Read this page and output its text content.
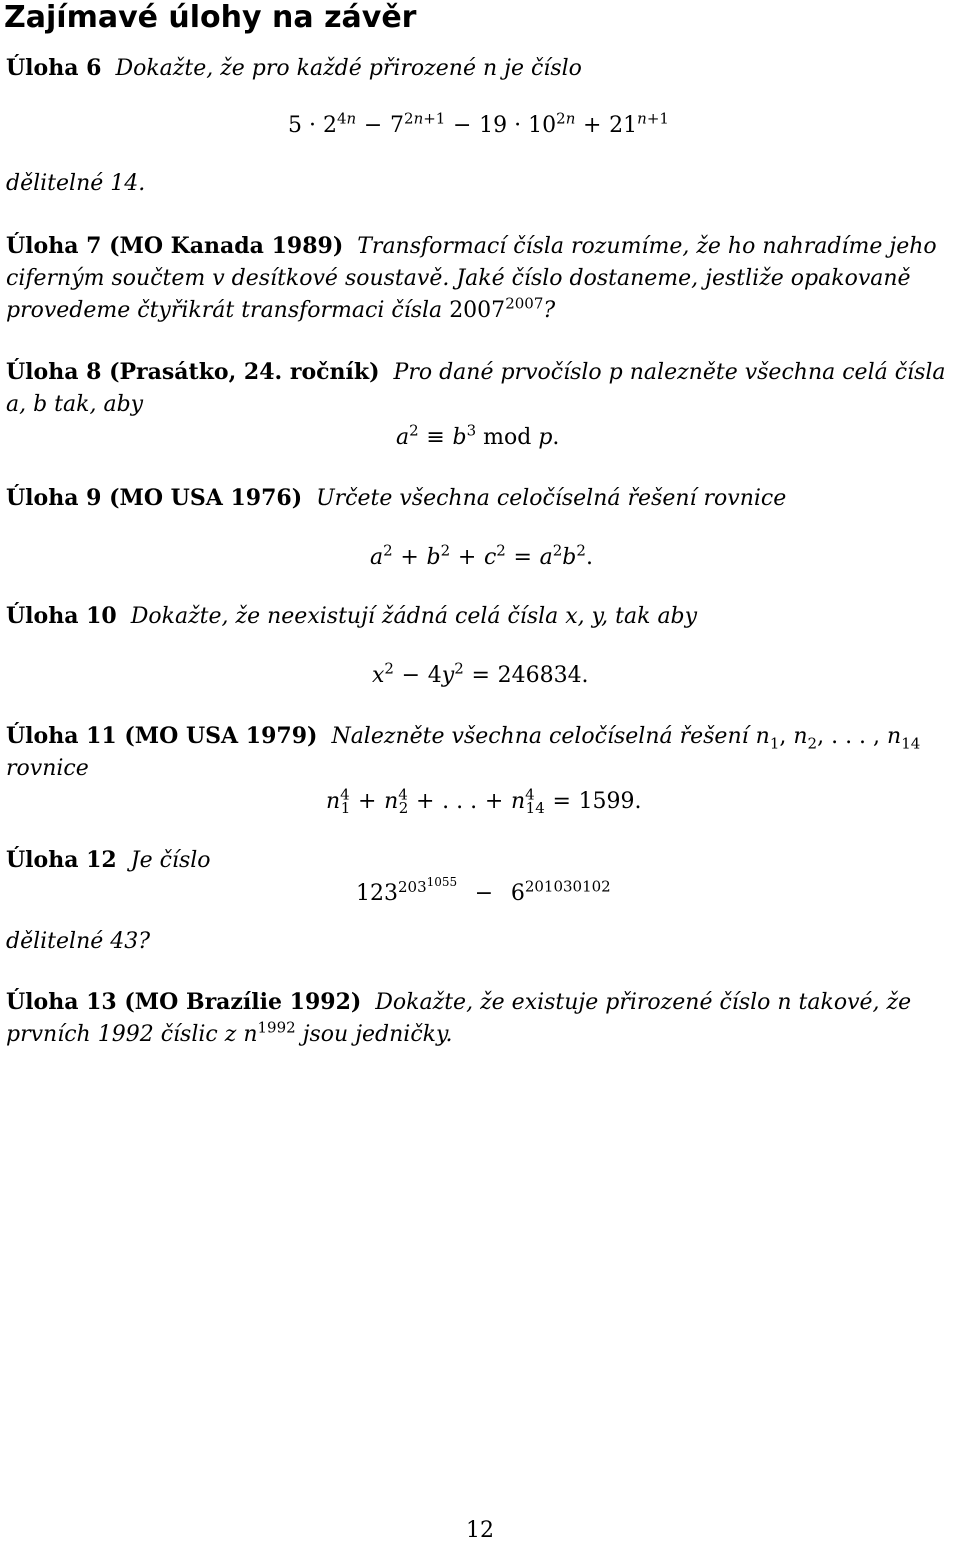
Zajímavé úlohy na závěr

Úloha 6 Dokažte, že pro každé přirozené n je číslo

$5 \cdot 2^{4n} - 7^{2n+1} - 19 \cdot 10^{2n} + 21^{n+1}$

dělitelné 14.

Úloha 7 (MO Kanada 1989) Transformací čísla rozumíme, že ho nahradíme jeho ciferným součtem v desítkové soustavě. Jaké číslo dostaneme, jestliže opakovaně provedeme čtyřikrát transformaci čísla $2007^{2007}$?

Úloha 8 (Prasátko, 24. ročník) Pro dané prvočíslo p nalezněte všechna celá čísla a, b tak, aby

$a^2 \equiv b^3$ mod p.

Úloha 9 (MO USA 1976) Určete všechna celočíselná řešení rovnice

$a^2 + b^2 + c^2 = a^2b^2$.

Úloha 10 Dokažte, že neexistují žádná celá čísla x, y, tak aby

$x^2 - 4y^2 = 246834$.

Úloha 11 (MO USA 1979) Nalezněte všechna celočíselná řešení $n_1$, $n_2$, . . . , $n_{14}$ rovnice

$n^4_1 + n^4_2$ + . . . + $n^4_{14} = 1599$.

Úloha 12 Je číslo

$123^{203^{1055}} - 6^{201030102}$

dělitelné 43?

Úloha 13 (MO Brazílie 1992) Dokažte, že existuje přirozené číslo n takové, že prvních 1992 číslic z $n^{1992}$ jsou jedničky.

12
